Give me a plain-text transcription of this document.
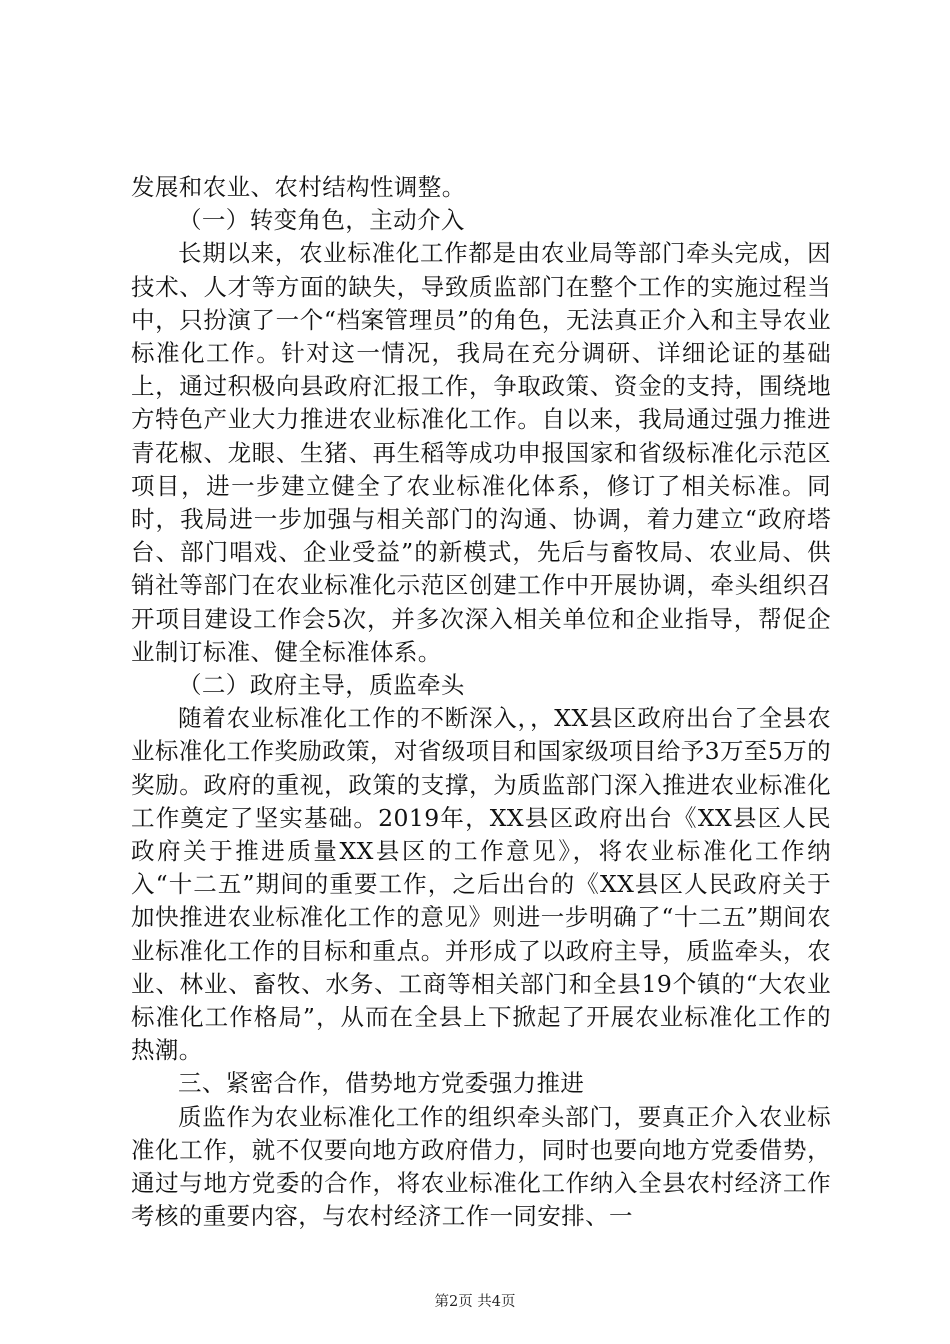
发展和农业、农村结构性调整。

（一）转变角色，主动介入

长期以来，农业标准化工作都是由农业局等部门牵头完成，因技术、人才等方面的缺失，导致质监部门在整个工作的实施过程当中，只扮演了一个“档案管理员”的角色，无法真正介入和主导农业标准化工作。针对这一情况，我局在充分调研、详细论证的基础上，通过积极向县政府汇报工作，争取政策、资金的支持，围绕地方特色产业大力推进农业标准化工作。自以来，我局通过强力推进青花椒、龙眼、生猪、再生稻等成功申报国家和省级标准化示范区项目，进一步建立健全了农业标准化体系，修订了相关标准。同时，我局进一步加强与相关部门的沟通、协调，着力建立“政府塔台、部门唱戏、企业受益”的新模式，先后与畜牧局、农业局、供销社等部门在农业标准化示范区创建工作中开展协调，牵头组织召开项目建设工作会5次，并多次深入相关单位和企业指导，帮促企业制订标准、健全标准体系。

（二）政府主导，质监牵头

随着农业标准化工作的不断深入，，XX县区政府出台了全县农业标准化工作奖励政策，对省级项目和国家级项目给予3万至5万的奖励。政府的重视，政策的支撑，为质监部门深入推进农业标准化工作奠定了坚实基础。2019年，XX县区政府出台《XX县区人民政府关于推进质量XX县区的工作意见》，将农业标准化工作纳入“十二五”期间的重要工作，之后出台的《XX县区人民政府关于加快推进农业标准化工作的意见》则进一步明确了“十二五”期间农业标准化工作的目标和重点。并形成了以政府主导，质监牵头，农业、林业、畜牧、水务、工商等相关部门和全县19个镇的“大农业标准化工作格局”，从而在全县上下掀起了开展农业标准化工作的热潮。

三、紧密合作，借势地方党委强力推进

质监作为农业标准化工作的组织牵头部门，要真正介入农业标准化工作，就不仅要向地方政府借力，同时也要向地方党委借势，通过与地方党委的合作，将农业标准化工作纳入全县农村经济工作考核的重要内容，与农村经济工作一同安排、一

第2页 共4页
